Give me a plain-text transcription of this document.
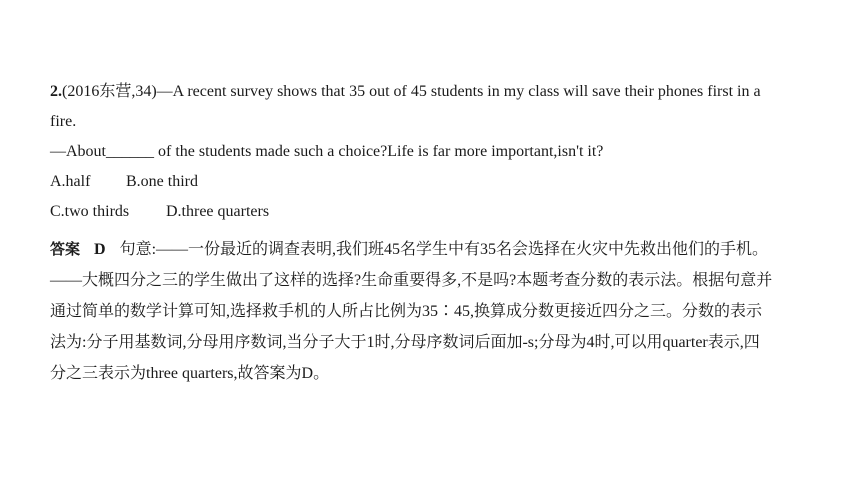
2.(2016东营,34)—A recent survey shows that 35 out of 45 students in my class will save their phones first in a
fire.
—About______ of the students made such a choice?Life is far more important,isn't it?
A.half B.one third
C.two thirds D.three quarters
答案 D 句意:——一份最近的调查表明,我们班45名学生中有35名会选择在火灾中先救出他们的手机。
——大概四分之三的学生做出了这样的选择?生命重要得多,不是吗?本题考查分数的表示法。根据句意并
通过简单的数学计算可知,选择救手机的人所占比例为35∶45,换算成分数更接近四分之三。分数的表示
法为:分子用基数词,分母用序数词,当分子大于1时,分母序数词后面加-s;分母为4时,可以用quarter表示,四
分之三表示为three quarters,故答案为D。
